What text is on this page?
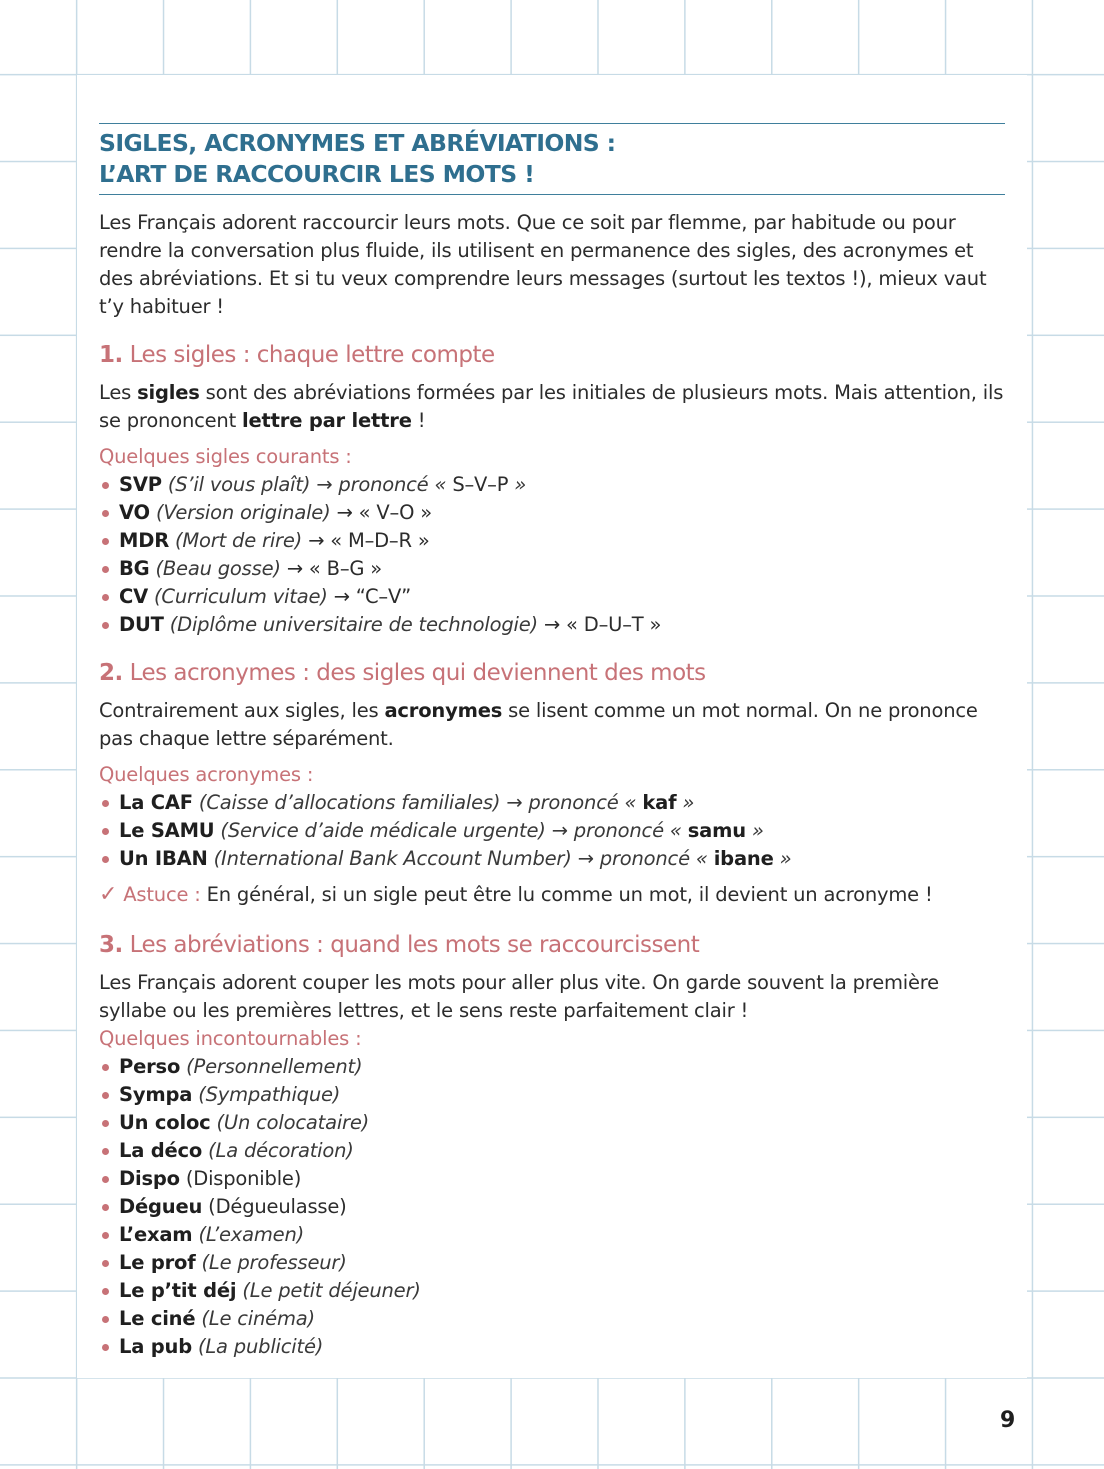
SIGLES, ACRONYMES ET ABRÉVIATIONS :
L’ART DE RACCOURCIR LES MOTS !

Les Français adorent raccourcir leurs mots. Que ce soit par flemme, par habitude ou pour rendre la conversation plus fluide, ils utilisent en permanence des sigles, des acronymes et des abréviations. Et si tu veux comprendre leurs messages (surtout les textos !), mieux vaut t’y habituer !

1. Les sigles : chaque lettre compte

Les sigles sont des abréviations formées par les initiales de plusieurs mots. Mais attention, ils se prononcent lettre par lettre !

Quelques sigles courants :
SVP (S’il vous plaît) → prononcé « S–V–P »
VO (Version originale) → « V–O »
MDR (Mort de rire) → « M–D–R »
BG (Beau gosse) → « B–G »
CV (Curriculum vitae) → “C–V”
DUT (Diplôme universitaire de technologie) → « D–U–T »
2. Les acronymes : des sigles qui deviennent des mots

Contrairement aux sigles, les acronymes se lisent comme un mot normal. On ne prononce pas chaque lettre séparément.

Quelques acronymes :
La CAF (Caisse d’allocations familiales) → prononcé « kaf »
Le SAMU (Service d’aide médicale urgente) → prononcé « samu »
Un IBAN (International Bank Account Number) → prononcé « ibane »

✓ Astuce : En général, si un sigle peut être lu comme un mot, il devient un acronyme !

3. Les abréviations : quand les mots se raccourcissent

Les Français adorent couper les mots pour aller plus vite. On garde souvent la première syllabe ou les premières lettres, et le sens reste parfaitement clair !

Quelques incontournables :
Perso (Personnellement)
Sympa (Sympathique)
Un coloc (Un colocataire)
La déco (La décoration)
Dispo (Disponible)
Dégueu (Dégueulasse)
L’exam (L’examen)
Le prof (Le professeur)
Le p’tit déj (Le petit déjeuner)
Le ciné (Le cinéma)
La pub (La publicité)
9
